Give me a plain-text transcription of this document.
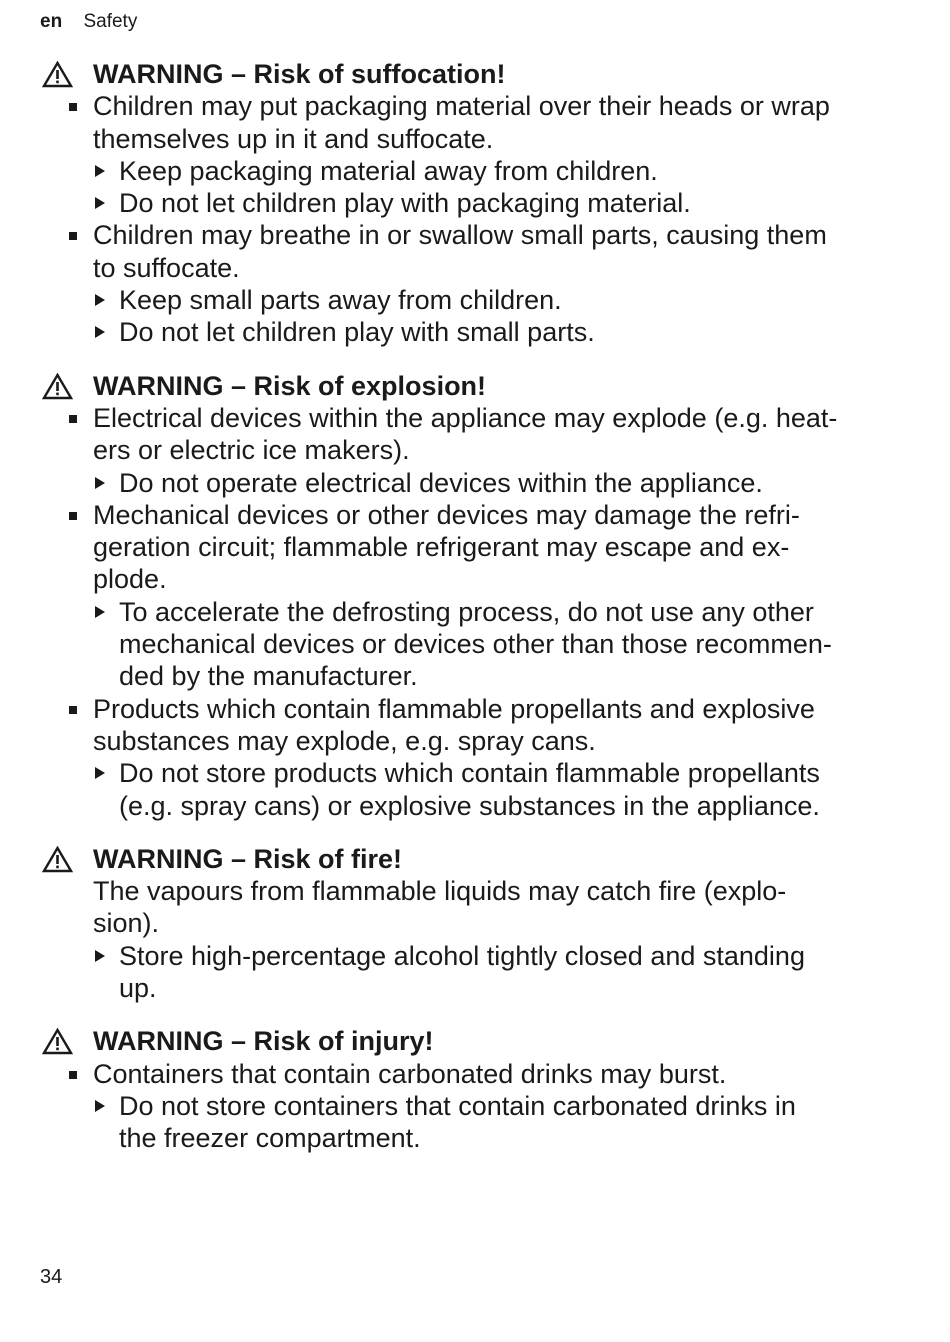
en Safety
WARNING – Risk of suffocation!
Children may put packaging material over their heads or wrap
themselves up in it and suffocate.
Keep packaging material away from children.
Do not let children play with packaging material.
Children may breathe in or swallow small parts, causing them
to suffocate.
Keep small parts away from children.
Do not let children play with small parts.
WARNING – Risk of explosion!
Electrical devices within the appliance may explode (e.g. heat-
ers or electric ice makers).
Do not operate electrical devices within the appliance.
Mechanical devices or other devices may damage the refri-
geration circuit; flammable refrigerant may escape and ex-
plode.
To accelerate the defrosting process, do not use any other
mechanical devices or devices other than those recommen-
ded by the manufacturer.
Products which contain flammable propellants and explosive
substances may explode, e.g. spray cans.
Do not store products which contain flammable propellants
(e.g. spray cans) or explosive substances in the appliance.
WARNING – Risk of fire!
The vapours from flammable liquids may catch fire (explo-
sion).
Store high-percentage alcohol tightly closed and standing
up.
WARNING – Risk of injury!
Containers that contain carbonated drinks may burst.
Do not store containers that contain carbonated drinks in
the freezer compartment.
34
